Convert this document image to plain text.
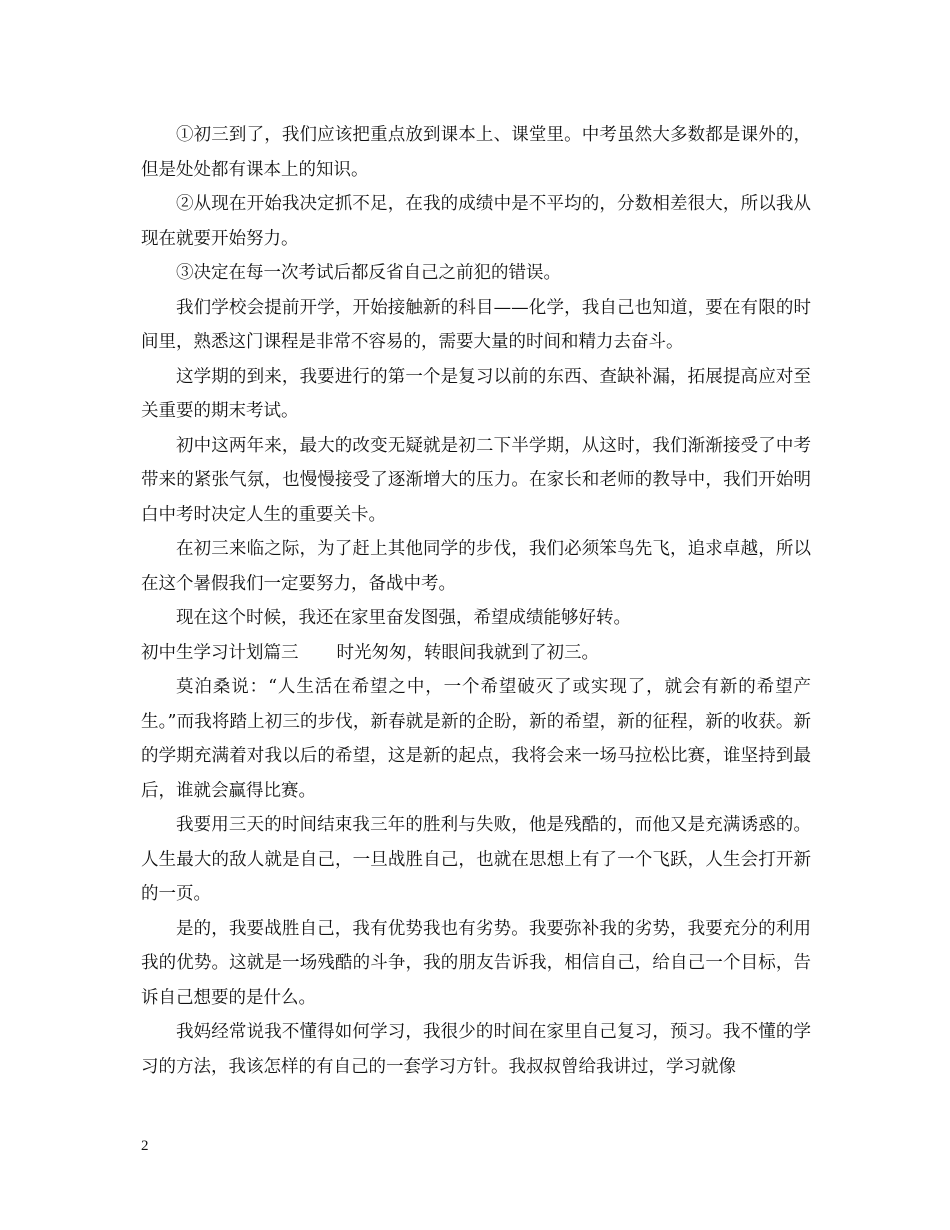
①初三到了，我们应该把重点放到课本上、课堂里。中考虽然大多数都是课外的，但是处处都有课本上的知识。

②从现在开始我决定抓不足，在我的成绩中是不平均的，分数相差很大，所以我从现在就要开始努力。

③决定在每一次考试后都反省自己之前犯的错误。

我们学校会提前开学，开始接触新的科目——化学，我自己也知道，要在有限的时间里，熟悉这门课程是非常不容易的，需要大量的时间和精力去奋斗。

这学期的到来，我要进行的第一个是复习以前的东西、查缺补漏，拓展提高应对至关重要的期末考试。

初中这两年来，最大的改变无疑就是初二下半学期，从这时，我们渐渐接受了中考带来的紧张气氛，也慢慢接受了逐渐增大的压力。在家长和老师的教导中，我们开始明白中考时决定人生的重要关卡。

在初三来临之际，为了赶上其他同学的步伐，我们必须笨鸟先飞，追求卓越，所以在这个暑假我们一定要努力，备战中考。

现在这个时候，我还在家里奋发图强，希望成绩能够好转。

初中生学习计划篇三 时光匆匆，转眼间我就到了初三。

莫泊桑说：“人生活在希望之中，一个希望破灭了或实现了，就会有新的希望产生。”而我将踏上初三的步伐，新春就是新的企盼，新的希望，新的征程，新的收获。新的学期充满着对我以后的希望，这是新的起点，我将会来一场马拉松比赛，谁坚持到最后，谁就会赢得比赛。

我要用三天的时间结束我三年的胜利与失败，他是残酷的，而他又是充满诱惑的。人生最大的敌人就是自己，一旦战胜自己，也就在思想上有了一个飞跃，人生会打开新的一页。

是的，我要战胜自己，我有优势我也有劣势。我要弥补我的劣势，我要充分的利用我的优势。这就是一场残酷的斗争，我的朋友告诉我，相信自己，给自己一个目标，告诉自己想要的是什么。

我妈经常说我不懂得如何学习，我很少的时间在家里自己复习，预习。我不懂的学习的方法，我该怎样的有自己的一套学习方针。我叔叔曾给我讲过，学习就像

2
